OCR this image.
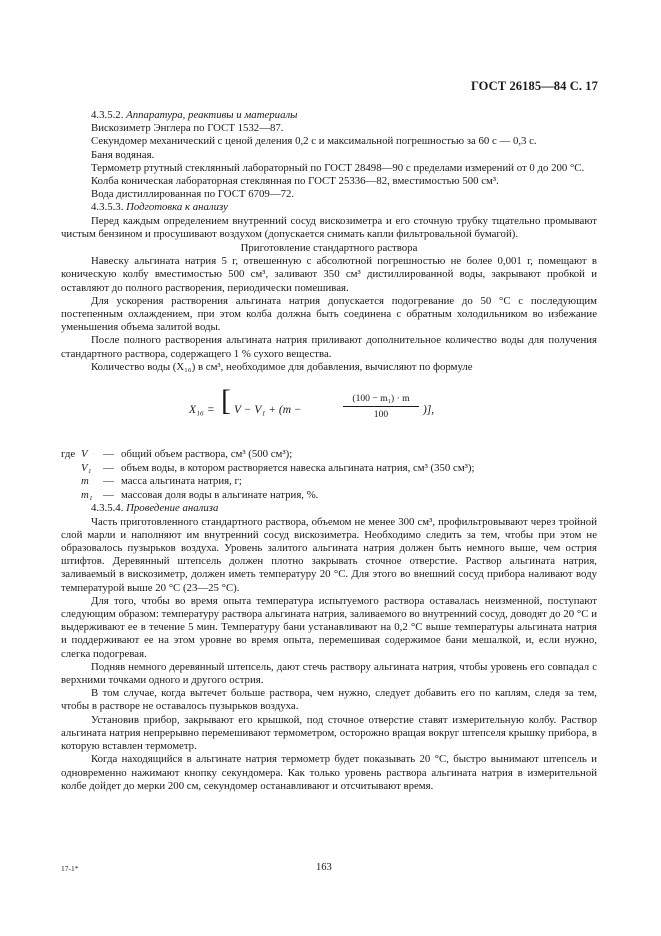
ГОСТ 26185—84 С. 17

4.3.5.2. Аппаратура, реактивы и материалы

Вискозиметр Энглера по ГОСТ 1532—87.

Секундомер механический с ценой деления 0,2 с и максимальной погрешностью за 60 с — 0,3 с.

Баня водяная.

Термометр ртутный стеклянный лабораторный по ГОСТ 28498—90 с пределами измерений от 0 до 200 °С.

Колба коническая лабораторная стеклянная по ГОСТ 25336—82, вместимостью 500 см³.

Вода дистиллированная по ГОСТ 6709—72.

4.3.5.3. Подготовка к анализу

Перед каждым определением внутренний сосуд вискозиметра и его сточную трубку тщательно промывают чистым бензином и просушивают воздухом (допускается снимать капли фильтровальной бумагой).

Приготовление стандартного раствора

Навеску альгината натрия 5 г, отвешенную с абсолютной погрешностью не более 0,001 г, помещают в коническую колбу вместимостью 500 см³, заливают 350 см³ дистиллированной воды, закрывают пробкой и оставляют до полного растворения, периодически помешивая.

Для ускорения растворения альгината натрия допускается подогревание до 50 °С с последующим постепенным охлаждением, при этом колба должна быть соединена с обратным холодильником во избежание уменьшения объема залитой воды.

После полного растворения альгината натрия приливают дополнительное количество воды для получения стандартного раствора, содержащего 1 % сухого вещества.

Количество воды (X₁₆) в см³, необходимое для добавления, вычисляют по формуле

X₁₆ = [ V − V₁ + (m −	$\frac{\text{(100 − m₁) · m}}{100}$ )],
где V	— общий объем раствора, см³ (500 см³);
V₁	— объем воды, в котором растворяется навеска альгината натрия, см³ (350 см³);
m	— масса альгината натрия, г;
m₁ — массовая доля воды в альгинате натрия, %.

4.3.5.4. Проведение анализа

Часть приготовленного стандартного раствора, объемом не менее 300 см³, профильтровывают через тройной слой марли и наполняют им внутренний сосуд вискозиметра. Необходимо следить за тем, чтобы при этом не образовалось пузырьков воздуха. Уровень залитого альгината натрия должен быть немного выше, чем острия штифтов. Деревянный штепсель должен плотно закрывать сточное отверстие. Раствор альгината натрия, заливаемый в вискозиметр, должен иметь температуру 20 °С. Для этого во внешний сосуд прибора наливают воду температурой выше 20 °С (23—25 °С).

Для того, чтобы во время опыта температура испытуемого раствора оставалась неизменной, поступают следующим образом: температуру раствора альгината натрия, заливаемого во внутренний сосуд, доводят до 20 °С и выдерживают ее в течение 5 мин. Температуру бани устанавливают на 0,2 °С выше температуры альгината натрия и поддерживают ее на этом уровне во время опыта, перемешивая содержимое бани мешалкой, и, если нужно, слегка подогревая.

Подняв немного деревянный штепсель, дают стечь раствору альгината натрия, чтобы уровень его совпадал с верхними точками одного и другого острия.

В том случае, когда вытечет больше раствора, чем нужно, следует добавить его по каплям, следя за тем, чтобы в растворе не оставалось пузырьков воздуха.

Установив прибор, закрывают его крышкой, под сточное отверстие ставят измерительную колбу. Раствор альгината натрия непрерывно перемешивают термометром, осторожно вращая вокруг штепселя крышку прибора, в которую вставлен термометр.

Когда находящийся в альгинате натрия термометр будет показывать 20 °С, быстро вынимают штепсель и одновременно нажимают кнопку секундомера. Как только уровень раствора альгината натрия в измерительной колбе дойдет до мерки 200 см, секундомер останавливают и отсчитывают время.

17-1*	163
